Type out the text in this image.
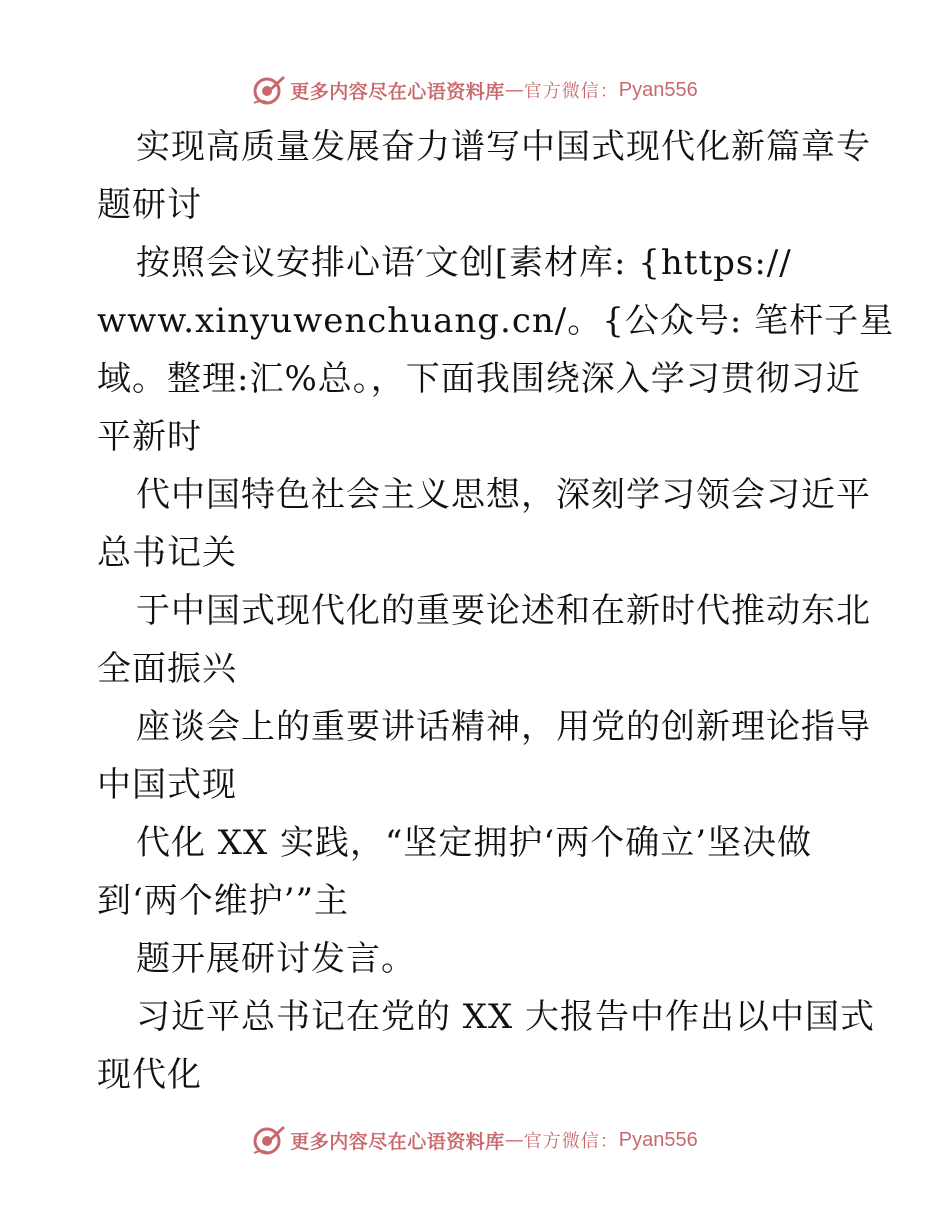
更多内容尽在心语资料库 — 官方微信： Pyan556
实现高质量发展奋力谱写中国式现代化新篇章专
题研讨
按照会议安排心语′文创[素材库: {https://
www.xinyuwenchuang.cn/。{公众号: 笔杆子星
域。整理:汇%总。，下面我围绕深入学习贯彻习近
平新时
代中国特色社会主义思想，深刻学习领会习近平
总书记关
于中国式现代化的重要论述和在新时代推动东北
全面振兴
座谈会上的重要讲话精神，用党的创新理论指导
中国式现
代化 XX 实践，“坚定拥护‘两个确立’坚决做
到‘两个维护’”主
题开展研讨发言。
习近平总书记在党的 XX 大报告中作出以中国式
现代化
更多内容尽在心语资料库 — 官方微信： Pyan556
